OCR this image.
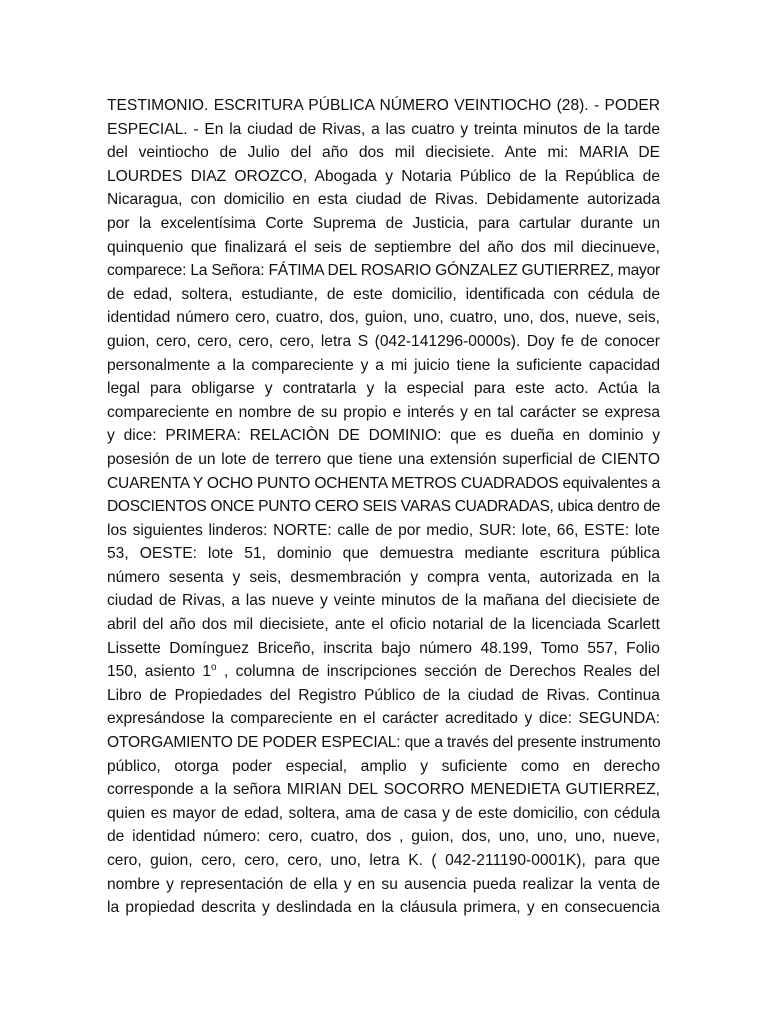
TESTIMONIO. ESCRITURA PÚBLICA NÚMERO VEINTIOCHO (28). - PODER
ESPECIAL. - En la ciudad de Rivas, a las cuatro y treinta minutos de la tarde
del veintiocho de Julio del año dos mil diecisiete. Ante mi: MARIA DE
LOURDES DIAZ OROZCO, Abogada y Notaria Público de la República de
Nicaragua, con domicilio en esta ciudad de Rivas. Debidamente autorizada
por la excelentísima Corte Suprema de Justicia, para cartular durante un
quinquenio que finalizará el seis de septiembre del año dos mil diecinueve,
comparece: La Señora: FÁTIMA DEL ROSARIO GÓNZALEZ GUTIERREZ, mayor
de edad, soltera, estudiante, de este domicilio, identificada con cédula de
identidad número cero, cuatro, dos, guion, uno, cuatro, uno, dos, nueve, seis,
guion, cero, cero, cero, cero, letra S (042-141296-0000s). Doy fe de conocer
personalmente a la compareciente y a mi juicio tiene la suficiente capacidad
legal para obligarse y contratarla y la especial para este acto. Actúa la
compareciente en nombre de su propio e interés y en tal carácter se expresa
y dice: PRIMERA: RELACIÒN DE DOMINIO: que es dueña en dominio y
posesión de un lote de terrero que tiene una extensión superficial de CIENTO
CUARENTA Y OCHO PUNTO OCHENTA METROS CUADRADOS equivalentes a
DOSCIENTOS ONCE PUNTO CERO SEIS VARAS CUADRADAS, ubica dentro de
los siguientes linderos: NORTE: calle de por medio, SUR: lote, 66, ESTE: lote
53, OESTE: lote 51, dominio que demuestra mediante escritura pública
número sesenta y seis, desmembración y compra venta, autorizada en la
ciudad de Rivas, a las nueve y veinte minutos de la mañana del diecisiete de
abril del año dos mil diecisiete, ante el oficio notarial de la licenciada Scarlett
Lissette Domínguez Briceño, inscrita bajo número 48.199, Tomo 557, Folio
150, asiento 1$^o$ , columna de inscripciones sección de Derechos Reales del
Libro de Propiedades del Registro Público de la ciudad de Rivas. Continua
expresándose la compareciente en el carácter acreditado y dice: SEGUNDA:
OTORGAMIENTO DE PODER ESPECIAL: que a través del presente instrumento
público, otorga poder especial, amplio y suficiente como en derecho
corresponde a la señora MIRIAN DEL SOCORRO MENEDIETA GUTIERREZ,
quien es mayor de edad, soltera, ama de casa y de este domicilio, con cédula
de identidad número: cero, cuatro, dos , guion, dos, uno, uno, uno, nueve,
cero, guion, cero, cero, cero, uno, letra K. ( 042-211190-0001K), para que
nombre y representación de ella y en su ausencia pueda realizar la venta de
la propiedad descrita y deslindada en la cláusula primera, y en consecuencia
